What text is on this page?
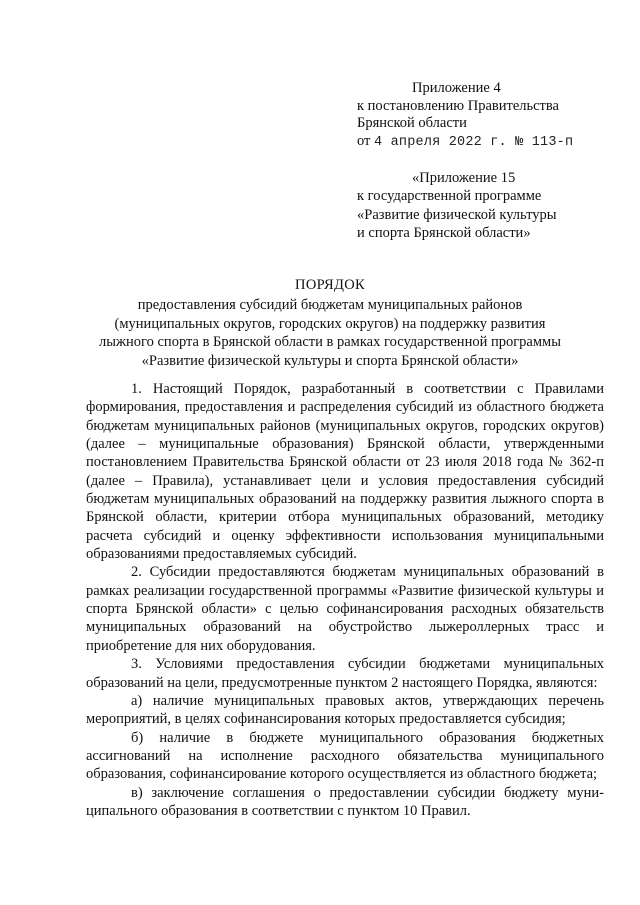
Приложение 4
к постановлению Правительства
Брянской области
от 4 апреля 2022 г. № 113-п
«Приложение 15
к государственной программе
«Развитие физической культуры
и спорта Брянской области»
ПОРЯДОК
предоставления субсидий бюджетам муниципальных районов
(муниципальных округов, городских округов) на поддержку развития
лыжного спорта в Брянской области в рамках государственной программы
«Развитие физической культуры и спорта Брянской области»

1. Настоящий Порядок, разработанный в соответствии с Правилами формирования, предоставления и распределения субсидий из областного бюджета бюджетам муниципальных районов (муниципальных округов, городских округов) (далее – муниципальные образования) Брянской области, утвержденными постановлением Правительства Брянской области от 23 июля 2018 года № 362-п (далее – Правила), устанавливает цели и условия предоставления субсидий бюджетам муниципальных образований на поддержку развития лыжного спорта в Брянской области, критерии отбора муниципальных образований, методику расчета субсидий и оценку эффективности использования муниципальными образованиями предоставляемых субсидий.

2. Субсидии предоставляются бюджетам муниципальных образований в рамках реализации государственной программы «Развитие физической культуры и спорта Брянской области» с целью софинансирования расходных обязательств муниципальных образований на обустройство лыжероллерных трасс и приобретение для них оборудования.

3. Условиями предоставления субсидии бюджетами муниципальных образований на цели, предусмотренные пунктом 2 настоящего Порядка, являются:

а) наличие муниципальных правовых актов, утверждающих перечень мероприятий, в целях софинансирования которых предоставляется субсидия;

б) наличие в бюджете муниципального образования бюджетных ассигнований на исполнение расходного обязательства муниципального образования, софинансирование которого осуществляется из областного бюджета;

в) заключение соглашения о предоставлении субсидии бюджету муниципального образования в соответствии с пунктом 10 Правил.
